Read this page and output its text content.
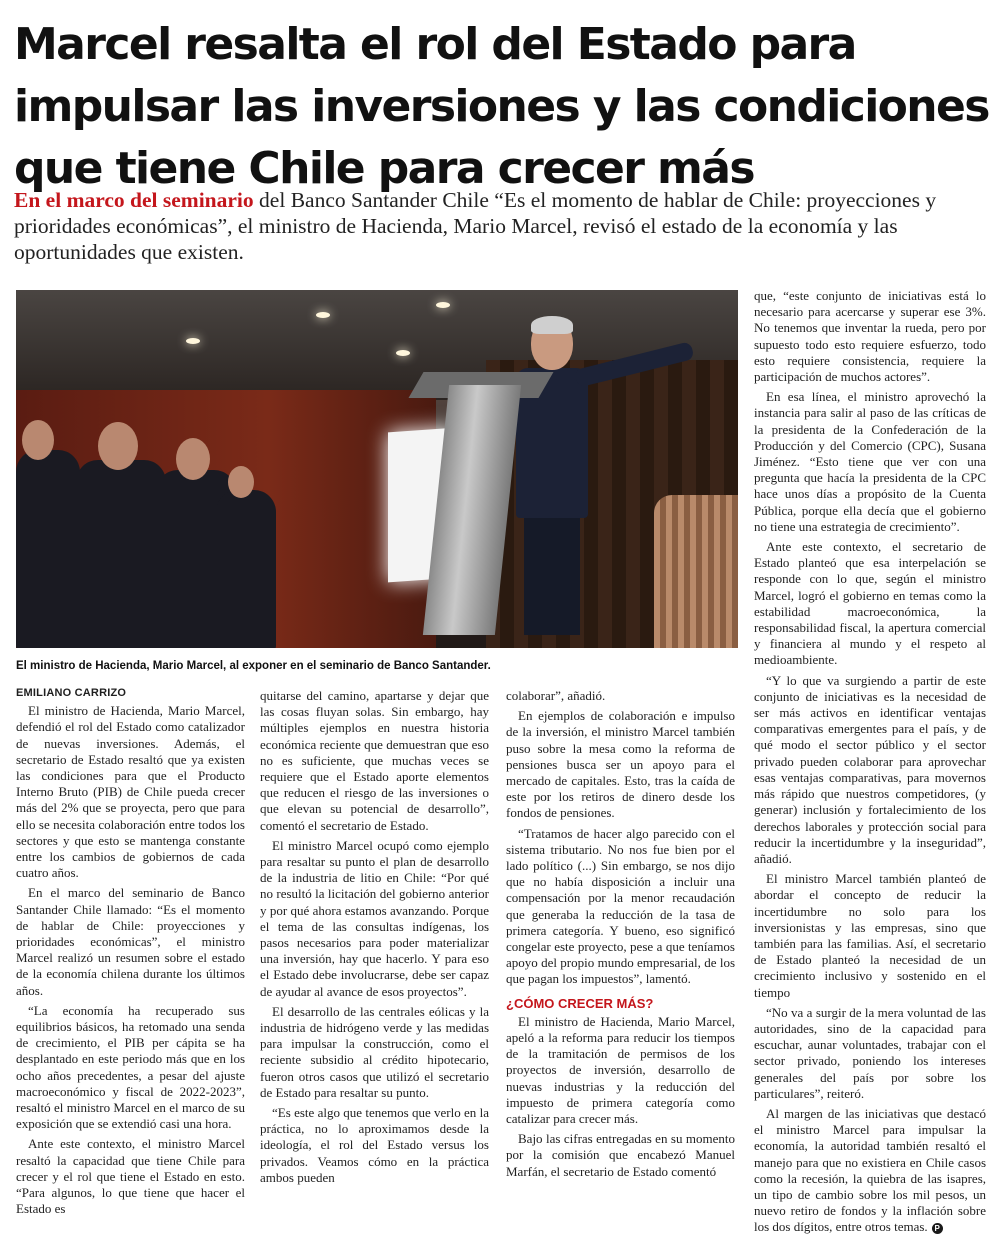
Marcel resalta el rol del Estado para impulsar las inversiones y las condiciones que tiene Chile para crecer más

En el marco del seminario del Banco Santander Chile “Es el momento de hablar de Chile: proyecciones y prioridades económicas”, el ministro de Hacienda, Mario Marcel, revisó el estado de la economía y las oportunidades que existen.

El ministro de Hacienda, Mario Marcel, al exponer en el seminario de Banco Santander.

EMILIANO CARRIZO

El ministro de Hacienda, Mario Marcel, defendió el rol del Estado como catalizador de nuevas inversiones. Además, el secretario de Estado resaltó que ya existen las condiciones para que el Producto Interno Bruto (PIB) de Chile pueda crecer más del 2% que se proyecta, pero que para ello se necesita colaboración entre todos los sectores y que esto se mantenga constante entre los cambios de gobiernos de cada cuatro años.

En el marco del seminario de Banco Santander Chile llamado: “Es el momento de hablar de Chile: proyecciones y prioridades económicas”, el ministro Marcel realizó un resumen sobre el estado de la economía chilena durante los últimos años.

“La economía ha recuperado sus equilibrios básicos, ha retomado una senda de crecimiento, el PIB per cápita se ha desplantado en este periodo más que en los ocho años precedentes, a pesar del ajuste macroeconómico y fiscal de 2022-2023”, resaltó el ministro Marcel en el marco de su exposición que se extendió casi una hora.

Ante este contexto, el ministro Marcel resaltó la capacidad que tiene Chile para crecer y el rol que tiene el Estado en esto. “Para algunos, lo que tiene que hacer el Estado es

quitarse del camino, apartarse y dejar que las cosas fluyan solas. Sin embargo, hay múltiples ejemplos en nuestra historia económica reciente que demuestran que eso no es suficiente, que muchas veces se requiere que el Estado aporte elementos que reducen el riesgo de las inversiones o que elevan su potencial de desarrollo”, comentó el secretario de Estado.

El ministro Marcel ocupó como ejemplo para resaltar su punto el plan de desarrollo de la industria de litio en Chile: “Por qué no resultó la licitación del gobierno anterior y por qué ahora estamos avanzando. Porque el tema de las consultas indígenas, los pasos necesarios para poder materializar una inversión, hay que hacerlo. Y para eso el Estado debe involucrarse, debe ser capaz de ayudar al avance de esos proyectos”.

El desarrollo de las centrales eólicas y la industria de hidrógeno verde y las medidas para impulsar la construcción, como el reciente subsidio al crédito hipotecario, fueron otros casos que utilizó el secretario de Estado para resaltar su punto.

“Es este algo que tenemos que verlo en la práctica, no lo aproximamos desde la ideología, el rol del Estado versus los privados. Veamos cómo en la práctica ambos pueden

colaborar”, añadió.

En ejemplos de colaboración e impulso de la inversión, el ministro Marcel también puso sobre la mesa como la reforma de pensiones busca ser un apoyo para el mercado de capitales. Esto, tras la caída de este por los retiros de dinero desde los fondos de pensiones.

“Tratamos de hacer algo parecido con el sistema tributario. No nos fue bien por el lado político (...) Sin embargo, se nos dijo que no había disposición a incluir una compensación por la menor recaudación que generaba la reducción de la tasa de primera categoría. Y bueno, eso significó congelar este proyecto, pese a que teníamos apoyo del propio mundo empresarial, de los que pagan los impuestos”, lamentó.

¿CÓMO CRECER MÁS?

El ministro de Hacienda, Mario Marcel, apeló a la reforma para reducir los tiempos de la tramitación de permisos de los proyectos de inversión, desarrollo de nuevas industrias y la reducción del impuesto de primera categoría como catalizar para crecer más.

Bajo las cifras entregadas en su momento por la comisión que encabezó Manuel Marfán, el secretario de Estado comentó

que, “este conjunto de iniciativas está lo necesario para acercarse y superar ese 3%. No tenemos que inventar la rueda, pero por supuesto todo esto requiere esfuerzo, todo esto requiere consistencia, requiere la participación de muchos actores”.

En esa línea, el ministro aprovechó la instancia para salir al paso de las críticas de la presidenta de la Confederación de la Producción y del Comercio (CPC), Susana Jiménez. “Esto tiene que ver con una pregunta que hacía la presidenta de la CPC hace unos días a propósito de la Cuenta Pública, porque ella decía que el gobierno no tiene una estrategia de crecimiento”.

Ante este contexto, el secretario de Estado planteó que esa interpelación se responde con lo que, según el ministro Marcel, logró el gobierno en temas como la estabilidad macroeconómica, la responsabilidad fiscal, la apertura comercial y financiera al mundo y el respeto al medioambiente.

“Y lo que va surgiendo a partir de este conjunto de iniciativas es la necesidad de ser más activos en identificar ventajas comparativas emergentes para el país, y de qué modo el sector público y el sector privado pueden colaborar para aprovechar esas ventajas comparativas, para movernos más rápido que nuestros competidores, (y generar) inclusión y fortalecimiento de los derechos laborales y protección social para reducir la incertidumbre y la inseguridad”, añadió.

El ministro Marcel también planteó de abordar el concepto de reducir la incertidumbre no solo para los inversionistas y las empresas, sino que también para las familias. Así, el secretario de Estado planteó la necesidad de un crecimiento inclusivo y sostenido en el tiempo

“No va a surgir de la mera voluntad de las autoridades, sino de la capacidad para escuchar, aunar voluntades, trabajar con el sector privado, poniendo los intereses generales del país por sobre los particulares”, reiteró.

Al margen de las iniciativas que destacó el ministro Marcel para impulsar la economía, la autoridad también resaltó el manejo para que no existiera en Chile casos como la recesión, la quiebra de las isapres, un tipo de cambio sobre los mil pesos, un nuevo retiro de fondos y la inflación sobre los dos dígitos, entre otros temas. P
